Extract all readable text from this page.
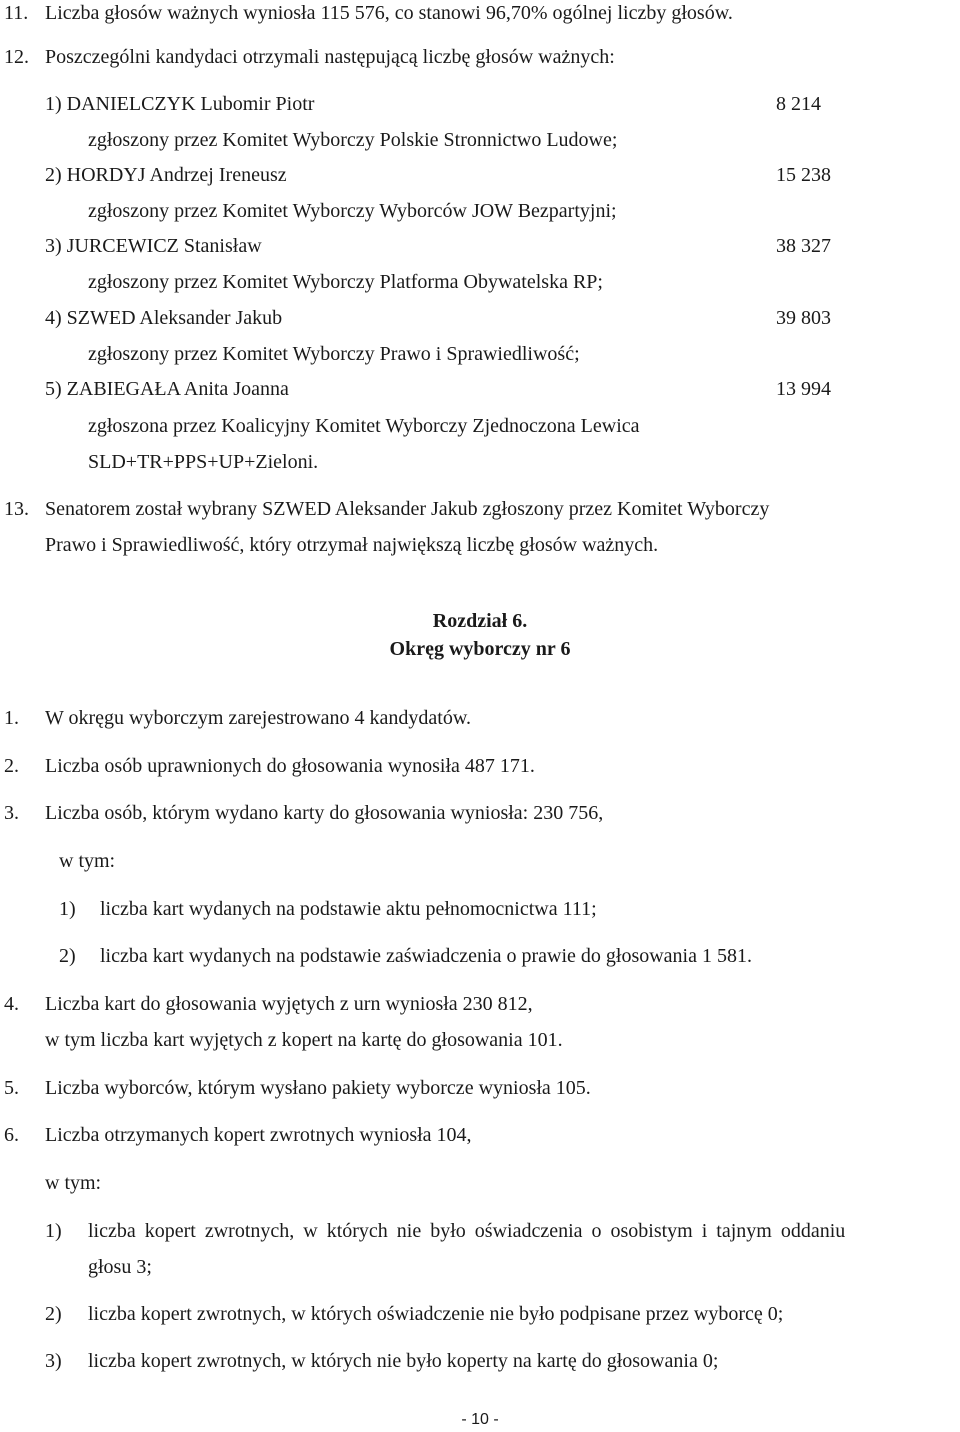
11. Liczba głosów ważnych wyniosła 115 576, co stanowi 96,70% ogólnej liczby głosów.
12. Poszczególni kandydaci otrzymali następującą liczbę głosów ważnych:
1) DANIELCZYK Lubomir Piotr	8 214
zgłoszony przez Komitet Wyborczy Polskie Stronnictwo Ludowe;
2) HORDYJ Andrzej Ireneusz	15 238
zgłoszony przez Komitet Wyborczy Wyborców JOW Bezpartyjni;
3) JURCEWICZ Stanisław	38 327
zgłoszony przez Komitet Wyborczy Platforma Obywatelska RP;
4) SZWED Aleksander Jakub	39 803
zgłoszony przez Komitet Wyborczy Prawo i Sprawiedliwość;
5) ZABIEGAŁA Anita Joanna	13 994
zgłoszona przez Koalicyjny Komitet Wyborczy Zjednoczona Lewica
SLD+TR+PPS+UP+Zieloni.
13. Senatorem został wybrany SZWED Aleksander Jakub zgłoszony przez Komitet Wyborczy
Prawo i Sprawiedliwość, który otrzymał największą liczbę głosów ważnych.
Rozdział 6.
Okręg wyborczy nr 6
1. W okręgu wyborczym zarejestrowano 4 kandydatów.
2. Liczba osób uprawnionych do głosowania wynosiła 487 171.
3. Liczba osób, którym wydano karty do głosowania wyniosła: 230 756,
w tym:
1) liczba kart wydanych na podstawie aktu pełnomocnictwa 111;
2) liczba kart wydanych na podstawie zaświadczenia o prawie do głosowania 1 581.
4. Liczba kart do głosowania wyjętych z urn wyniosła 230 812,
w tym liczba kart wyjętych z kopert na kartę do głosowania 101.
5. Liczba wyborców, którym wysłano pakiety wyborcze wyniosła 105.
6. Liczba otrzymanych kopert zwrotnych wyniosła 104,
w tym:
1) liczba kopert zwrotnych, w których nie było oświadczenia o osobistym i tajnym oddaniu
głosu 3;
2) liczba kopert zwrotnych, w których oświadczenie nie było podpisane przez wyborcę 0;
3) liczba kopert zwrotnych, w których nie było koperty na kartę do głosowania 0;
- 10 -
